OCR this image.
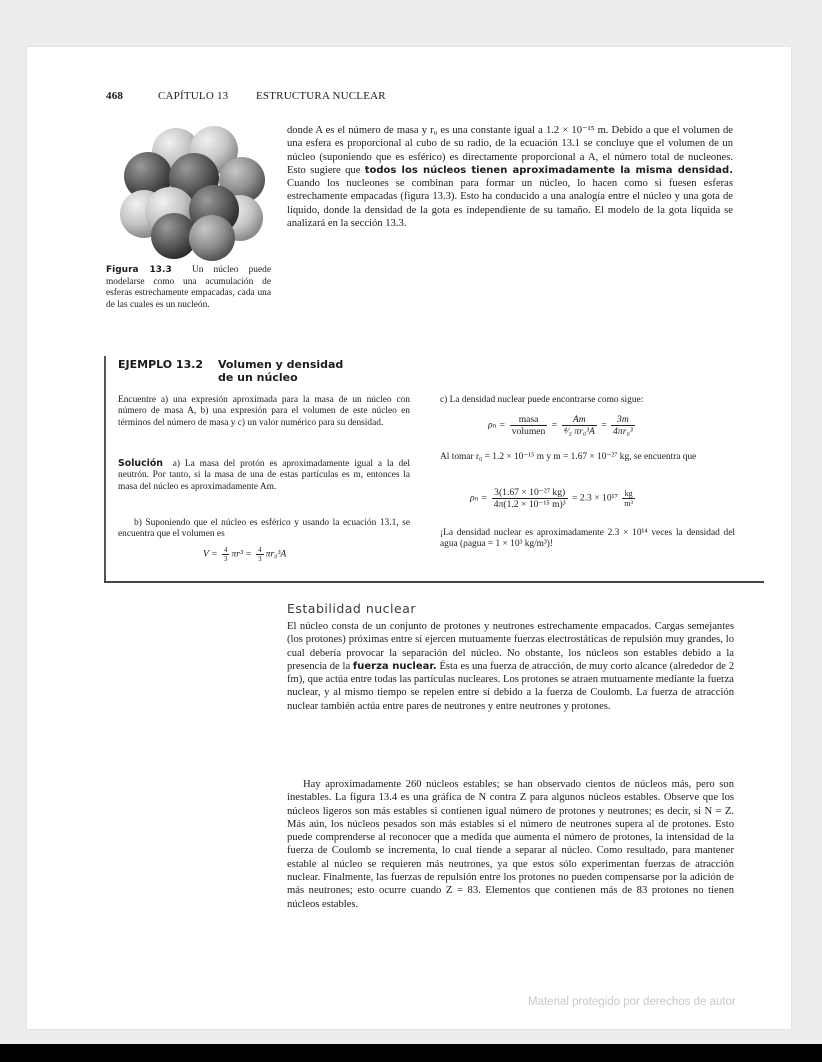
468	CAPÍTULO 13	ESTRUCTURA NUCLEAR
Figura 13.3 Un núcleo puede modelarse como una acumulación de esferas estrechamente empacadas, cada una de las cuales es un nucleón.

donde A es el número de masa y r₀ es una constante igual a 1.2 × 10⁻¹⁵ m. Debido a que el volumen de una esfera es proporcional al cubo de su radio, de la ecuación 13.1 se concluye que el volumen de un núcleo (suponiendo que es esférico) es directamente proporcional a A, el número total de nucleones. Esto sugiere que todos los núcleos tienen aproximadamente la misma densidad. Cuando los nucleones se combinan para formar un núcleo, lo hacen como si fuesen esferas estrechamente empacadas (figura 13.3). Esto ha conducido a una analogía entre el núcleo y una gota de líquido, donde la densidad de la gota es independiente de su tamaño. El modelo de la gota líquida se analizará en la sección 13.3.

EJEMPLO 13.2 Volumen y densidad de un núcleo

Encuentre a) una expresión aproximada para la masa de un núcleo con número de masa A, b) una expresión para el volumen de este núcleo en términos del número de masa y c) un valor numérico para su densidad.

Solución a) La masa del protón es aproximadamente igual a la del neutrón. Por tanto, si la masa de una de estas partículas es m, entonces la masa del núcleo es aproximadamente Am.

b) Suponiendo que el núcleo es esférico y usando la ecuación 13.1, se encuentra que el volumen es

$V = \frac{4}{3} \pi r^3 = \frac{4}{3} \pi r_0^3A$

c) La densidad nuclear puede encontrarse como sigue:

$\rho_n = \frac{\text{masa}}{\text{volumen}} = \frac{Am}{\text{⁴⁄₃ πr₀³A}} = \frac{3m}{\text{4πr₀³}}$

Al tomar r₀ = 1.2 × 10⁻¹⁵ m y m = 1.67 × 10⁻²⁷ kg, se encuentra que

$\rho_n = \frac{\text{3(1.67 × 10⁻²⁷ kg)}}{\text{4π(1.2 × 10⁻¹⁵ m)³}} = 2.3 \times 10^{17} \frac{kg}{\text{m³}}$

¡La densidad nuclear es aproximadamente 2.3 × 10¹⁴ veces la densidad del agua (ρagua = 1 × 10³ kg/m³)!

Estabilidad nuclear

El núcleo consta de un conjunto de protones y neutrones estrechamente empacados. Cargas semejantes (los protones) próximas entre sí ejercen mutuamente fuerzas electrostáticas de repulsión muy grandes, lo cual debería provocar la separación del núcleo. No obstante, los núcleos son estables debido a la presencia de la fuerza nuclear. Ésta es una fuerza de atracción, de muy corto alcance (alrededor de 2 fm), que actúa entre todas las partículas nucleares. Los protones se atraen mutuamente mediante la fuerza nuclear, y al mismo tiempo se repelen entre sí debido a la fuerza de Coulomb. La fuerza de atracción nuclear también actúa entre pares de neutrones y entre neutrones y protones.

Hay aproximadamente 260 núcleos estables; se han observado cientos de núcleos más, pero son inestables. La figura 13.4 es una gráfica de N contra Z para algunos núcleos estables. Observe que los núcleos ligeros son más estables si contienen igual número de protones y neutrones; es decir, si N = Z. Más aún, los núcleos pesados son más estables si el número de neutrones supera al de protones. Esto puede comprenderse al reconocer que a medida que aumenta el número de protones, la intensidad de la fuerza de Coulomb se incrementa, lo cual tiende a separar al núcleo. Como resultado, para mantener estable al núcleo se requieren más neutrones, ya que estos sólo experimentan fuerzas de atracción nuclear. Finalmente, las fuerzas de repulsión entre los protones no pueden compensarse por la adición de más neutrones; esto ocurre cuando Z = 83. Elementos que contienen más de 83 protones no tienen núcleos estables.

Material protegido por derechos de autor
